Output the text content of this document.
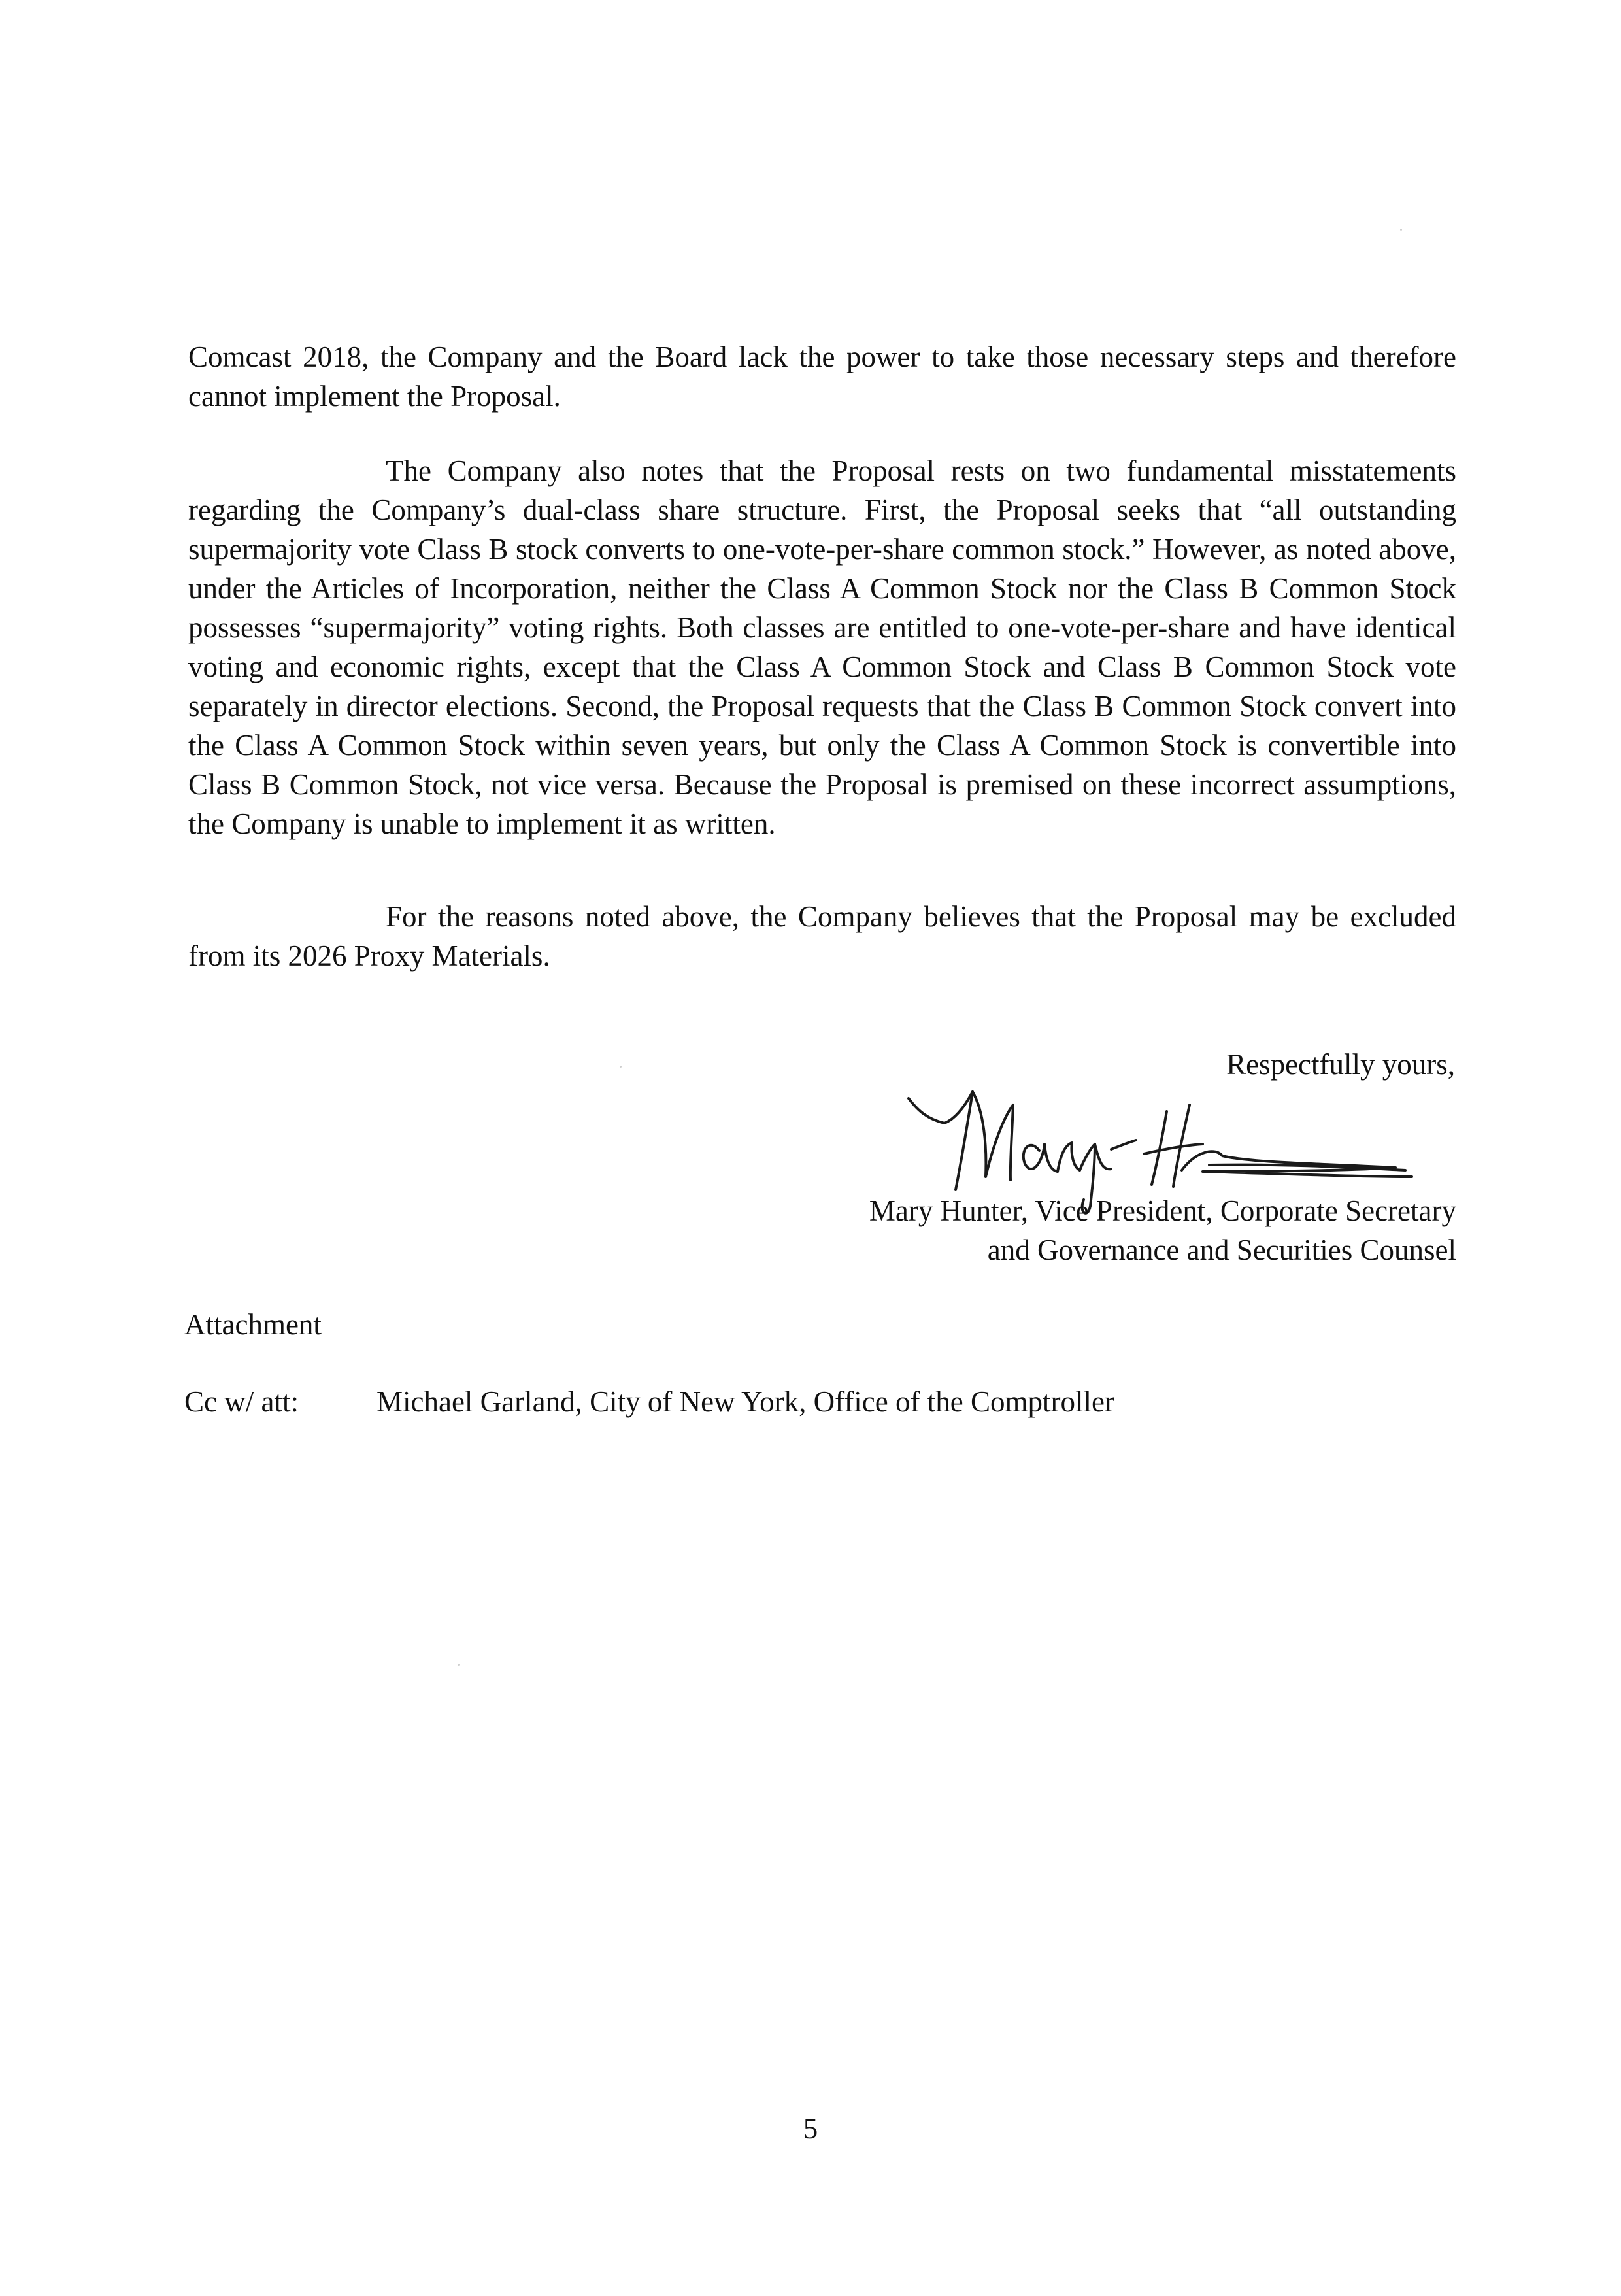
Comcast 2018, the Company and the Board lack the power to take those necessary steps and therefore cannot implement the Proposal.

The Company also notes that the Proposal rests on two fundamental misstatements regarding the Company’s dual-class share structure. First, the Proposal seeks that “all outstanding supermajority vote Class B stock converts to one-vote-per-share common stock.” However, as noted above, under the Articles of Incorporation, neither the Class A Common Stock nor the Class B Common Stock possesses “supermajority” voting rights. Both classes are entitled to one-vote-per-share and have identical voting and economic rights, except that the Class A Common Stock and Class B Common Stock vote separately in director elections. Second, the Proposal requests that the Class B Common Stock convert into the Class A Common Stock within seven years, but only the Class A Common Stock is convertible into Class B Common Stock, not vice versa. Because the Proposal is premised on these incorrect assumptions, the Company is unable to implement it as written.

For the reasons noted above, the Company believes that the Proposal may be excluded from its 2026 Proxy Materials.

Respectfully yours,

Mary H
Mary Hunter, Vice President, Corporate Secretary
and Governance and Securities Counsel
Attachment
Cc w/ att:	Michael Garland, City of New York, Office of the Comptroller
5
